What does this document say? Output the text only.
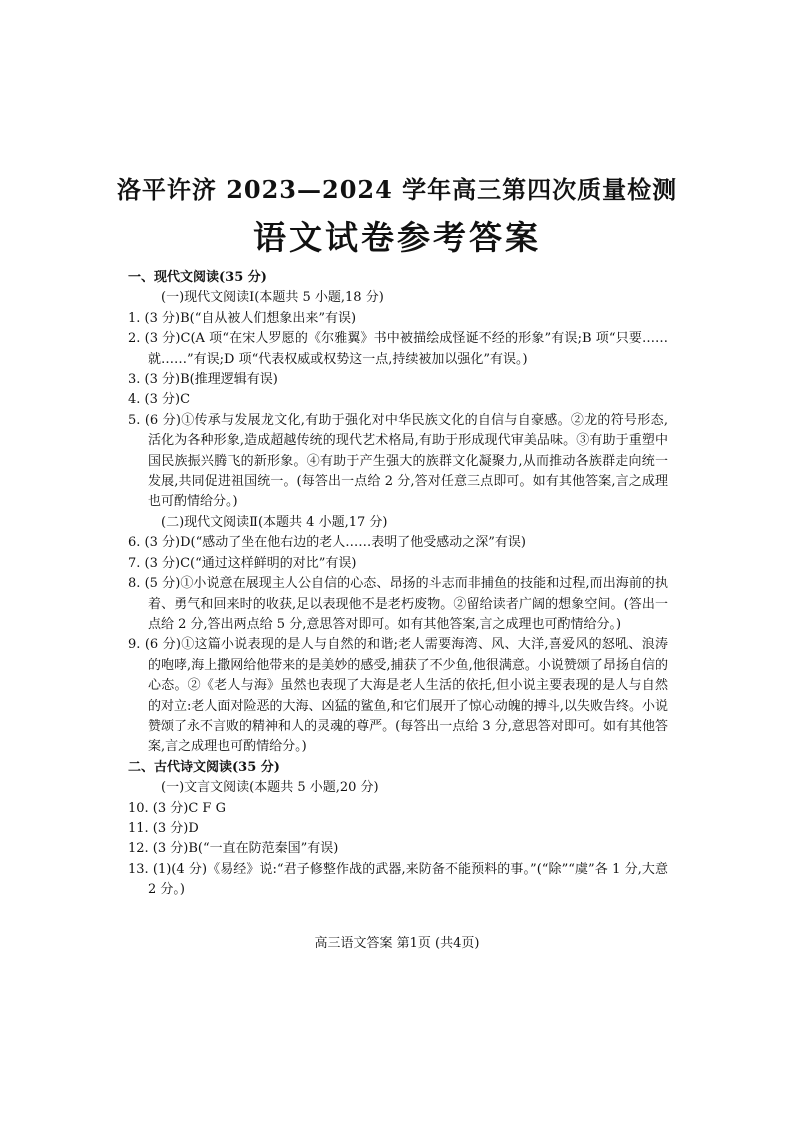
洛平许济 2023—2024 学年高三第四次质量检测
语文试卷参考答案

一、现代文阅读(35 分)

(一)现代文阅读Ⅰ(本题共 5 小题,18 分)

1. (3 分)B(“自从被人们想象出来”有误)

2. (3 分)C(A 项“在宋人罗愿的《尔雅翼》书中被描绘成怪诞不经的形象”有误;B 项“只要……就……”有误;D 项“代表权威或权势这一点,持续被加以强化”有误。)

3. (3 分)B(推理逻辑有误)

4. (3 分)C

5. (6 分)①传承与发展龙文化,有助于强化对中华民族文化的自信与自豪感。②龙的符号形态,活化为各种形象,造成超越传统的现代艺术格局,有助于形成现代审美品味。③有助于重塑中国民族振兴腾飞的新形象。④有助于产生强大的族群文化凝聚力,从而推动各族群走向统一发展,共同促进祖国统一。(每答出一点给 2 分,答对任意三点即可。如有其他答案,言之成理也可酌情给分。)

(二)现代文阅读Ⅱ(本题共 4 小题,17 分)

6. (3 分)D(“感动了坐在他右边的老人……表明了他受感动之深”有误)

7. (3 分)C(“通过这样鲜明的对比”有误)

8. (5 分)①小说意在展现主人公自信的心态、昂扬的斗志而非捕鱼的技能和过程,而出海前的执着、勇气和回来时的收获,足以表现他不是老朽废物。②留给读者广阔的想象空间。(答出一点给 2 分,答出两点给 5 分,意思答对即可。如有其他答案,言之成理也可酌情给分。)

9. (6 分)①这篇小说表现的是人与自然的和谐;老人需要海湾、风、大洋,喜爱风的怒吼、浪涛的咆哮,海上撒网给他带来的是美妙的感受,捕获了不少鱼,他很满意。小说赞颂了昂扬自信的心态。②《老人与海》虽然也表现了大海是老人生活的依托,但小说主要表现的是人与自然的对立:老人面对险恶的大海、凶猛的鲨鱼,和它们展开了惊心动魄的搏斗,以失败告终。小说赞颂了永不言败的精神和人的灵魂的尊严。(每答出一点给 3 分,意思答对即可。如有其他答案,言之成理也可酌情给分。)

二、古代诗文阅读(35 分)

(一)文言文阅读(本题共 5 小题,20 分)

10. (3 分)C F G

11. (3 分)D

12. (3 分)B(“一直在防范秦国”有误)

13. (1)(4 分)《易经》说:“君子修整作战的武器,来防备不能预料的事。”(“除”“虞”各 1 分,大意 2 分。)

高三语文答案 第1页 (共4页)
